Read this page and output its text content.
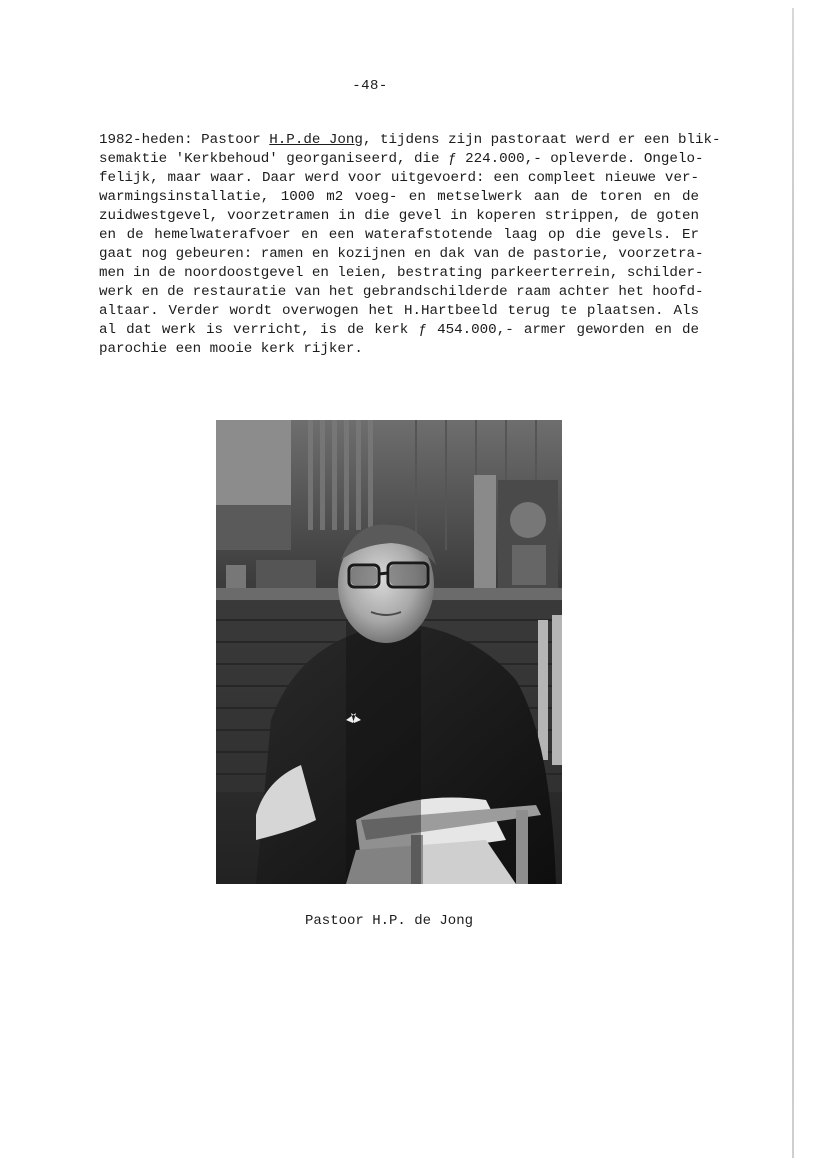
-48-
1982-heden: Pastoor H.P.de Jong, tijdens zijn pastoraat werd er een blik-
semaktie 'Kerkbehoud' georganiseerd, die ƒ 224.000,- opleverde. Ongelo-
felijk, maar waar. Daar werd voor uitgevoerd: een compleet nieuwe ver-
warmingsinstallatie, 1000 m2 voeg- en metselwerk aan de toren en de
zuidwestgevel, voorzetramen in die gevel in koperen strippen, de goten
en de hemelwaterafvoer en een waterafstotende laag op die gevels. Er
gaat nog gebeuren: ramen en kozijnen en dak van de pastorie, voorzetra-
men in de noordoostgevel en leien, bestrating parkeerterrein, schilder-
werk en de restauratie van het gebrandschilderde raam achter het hoofd-
altaar. Verder wordt overwogen het H.Hartbeeld terug te plaatsen. Als
al dat werk is verricht, is de kerk ƒ 454.000,- armer geworden en de
parochie een mooie kerk rijker.
Pastoor H.P. de Jong
